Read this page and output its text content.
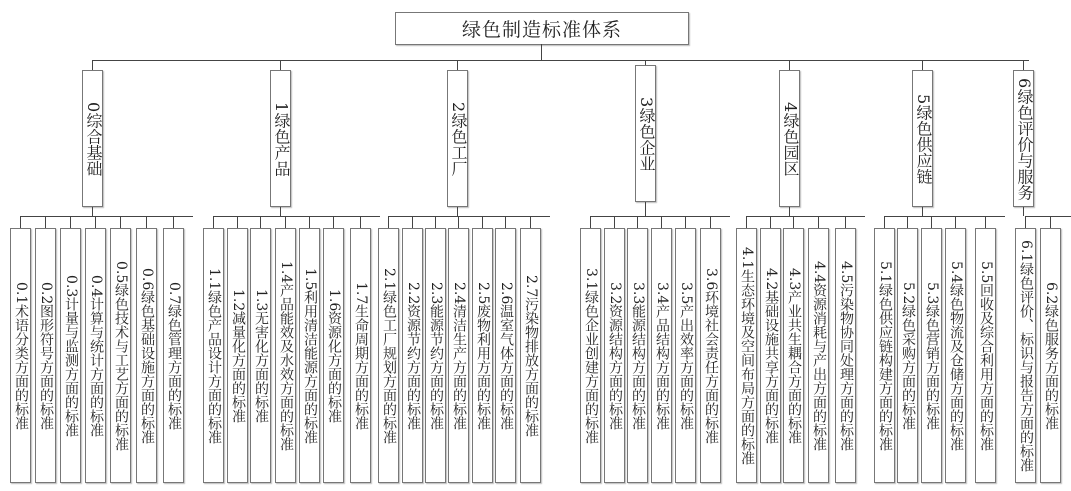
绿色制造标准体系
0综合基础
0.1术语分类方面的标准 0.2图形符号方面的标准 0.3计量与监测方面的标准 0.4计算与统计方面的标准 0.5绿色技术与工艺方面的标准 0.6绿色基础设施方面的标准 0.7绿色管理方面的标准
1绿色产品
1.1绿色产品设计方面的标准 1.2减量化方面的标准 1.3无害化方面的标准 1.4产品能效及水效方面的标准 1.5利用清洁能源方面的标准 1.6资源化方面的标准 1.7生命周期方面的标准
2绿色工厂
2.1绿色工厂规划方面的标准 2.2资源节约方面的标准 2.3能源节约方面的标准 2.4清洁生产方面的标准 2.5废物利用方面的标准 2.6温室气体方面的标准 2.7污染物排放方面的标准
3绿色企业
3.1绿色企业创建方面的标准 3.2资源结构方面的标准 3.3能源结构方面的标准 3.4产品结构方面的标准 3.5产出效率方面的标准 3.6环境社会责任方面的标准
4绿色园区
4.1生态环境及空间布局方面的标准 4.2基础设施共享方面的标准 4.3产业共生耦合方面的标准 4.4资源消耗与产出方面的标准 4.5污染物协同处理方面的标准
5绿色供应链
5.1绿色供应链构建方面的标准 5.2绿色采购方面的标准 5.3绿色营销方面的标准 5.4绿色物流及仓储方面的标准 5.5回收及综合利用方面的标准
6绿色评价与服务
6.1绿色评价、标识与报告方面的标准 6.2绿色服务方面的标准
